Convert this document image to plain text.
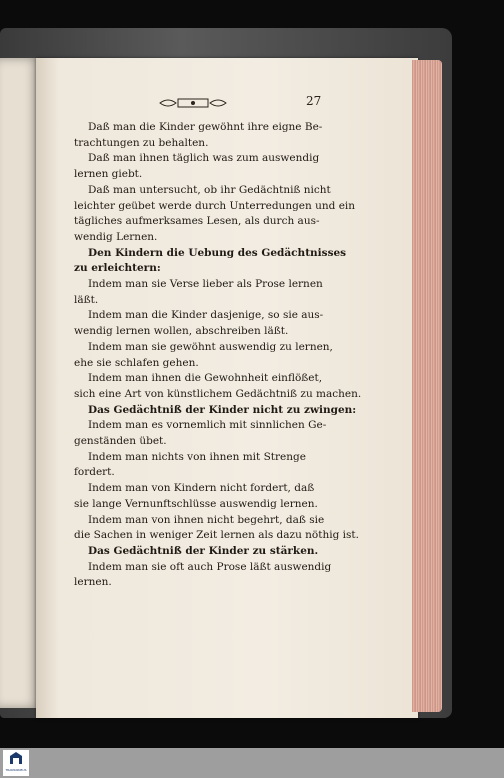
27
Daß man die Kinder gewöhnt ihre eigne Be-
trachtungen zu behalten.
Daß man ihnen täglich was zum auswendig
lernen giebt.
Daß man untersucht, ob ihr Gedächtniß nicht
leichter geübet werde durch Unterredungen und ein
tägliches aufmerksames Lesen, als durch aus-
wendig Lernen.
Den Kindern die Uebung des Gedächtnisses
zu erleichtern:
Indem man sie Verse lieber als Prose lernen
läßt.
Indem man die Kinder dasjenige, so sie aus-
wendig lernen wollen, abschreiben läßt.
Indem man sie gewöhnt auswendig zu lernen,
ehe sie schlafen gehen.
Indem man ihnen die Gewohnheit einflößet,
sich eine Art von künstlichem Gedächtniß zu machen.
Das Gedächtniß der Kinder nicht zu zwingen:
Indem man es vornemlich mit sinnlichen Ge-
genständen übet.
Indem man nichts von ihnen mit Strenge
fordert.
Indem man von Kindern nicht fordert, daß
sie lange Vernunftschlüsse auswendig lernen.
Indem man von ihnen nicht begehrt, daß sie
die Sachen in weniger Zeit lernen als dazu nöthig ist.
Das Gedächtniß der Kinder zu stärken.
Indem man sie oft auch Prose läßt auswendig
lernen.
TRANSKRIBUS
